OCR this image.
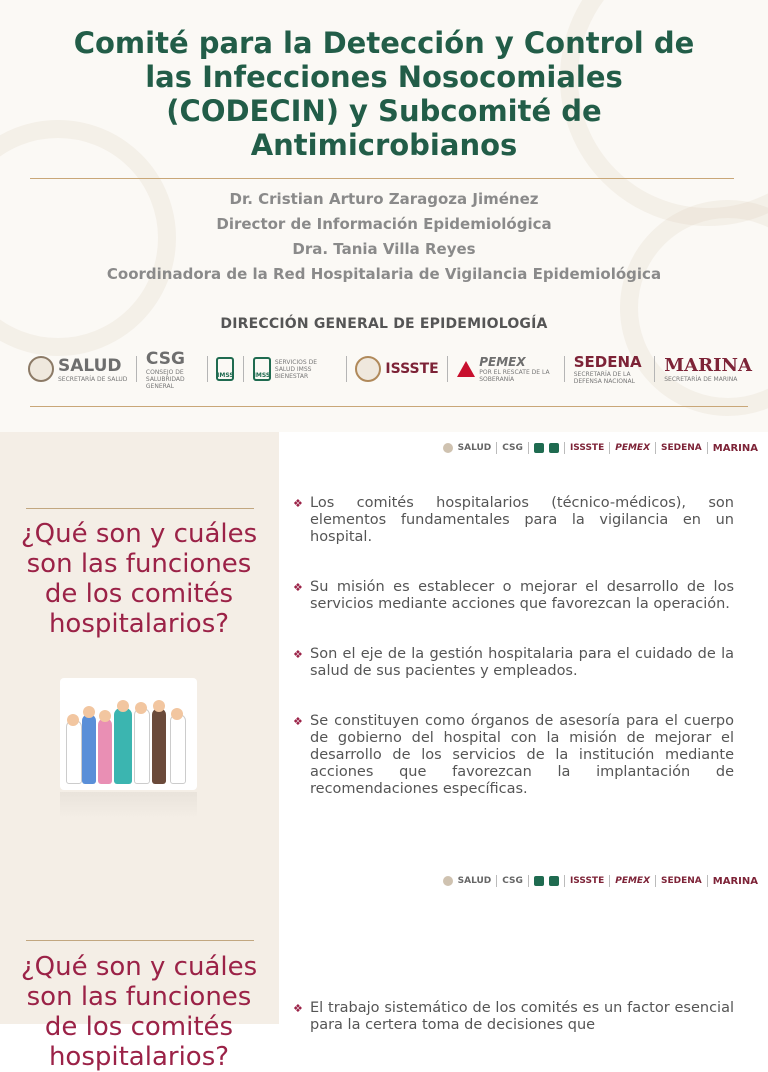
Comité para la Detección y Control de
las Infecciones Nosocomiales
(CODECIN) y Subcomité de
Antimicrobianos
Dr. Cristian Arturo Zaragoza Jiménez
Director de Información Epidemiológica
Dra. Tania Villa Reyes
Coordinadora de la Red Hospitalaria de Vigilancia Epidemiológica
DIRECCIÓN GENERAL DE EPIDEMIOLOGÍA
SALUD
SECRETARÍA DE SALUD
CSG
CONSEJO DE SALUBRIDAD GENERAL
IMSS	IMSS
SERVICIOS DE SALUD IMSS BIENESTAR	ISSSTE	PEMEX
POR EL RESCATE DE LA SOBERANÍA
SEDENA
SECRETARÍA DE LA DEFENSA NACIONAL
MARINA
SECRETARÍA DE MARINA
SALUD CSG	ISSSTE PEMEX SEDENA MARINA
¿Qué son y cuáles son las funciones de los comités hospitalarios?
❖ Los comités hospitalarios (técnico-médicos), son elementos fundamentales para la vigilancia en un hospital.
❖ Su misión es establecer o mejorar el desarrollo de los servicios mediante acciones que favorezcan la operación.
❖ Son el eje de la gestión hospitalaria para el cuidado de la salud de sus pacientes y empleados.
❖ Se constituyen como órganos de asesoría para el cuerpo de gobierno del hospital con la misión de mejorar el desarrollo de los servicios de la institución mediante acciones que favorezcan la implantación de recomendaciones específicas.
SALUD CSG	ISSSTE PEMEX SEDENA MARINA
¿Qué son y cuáles son las funciones de los comités hospitalarios?
❖ El trabajo sistemático de los comités es un factor esencial para la certera toma de decisiones que
